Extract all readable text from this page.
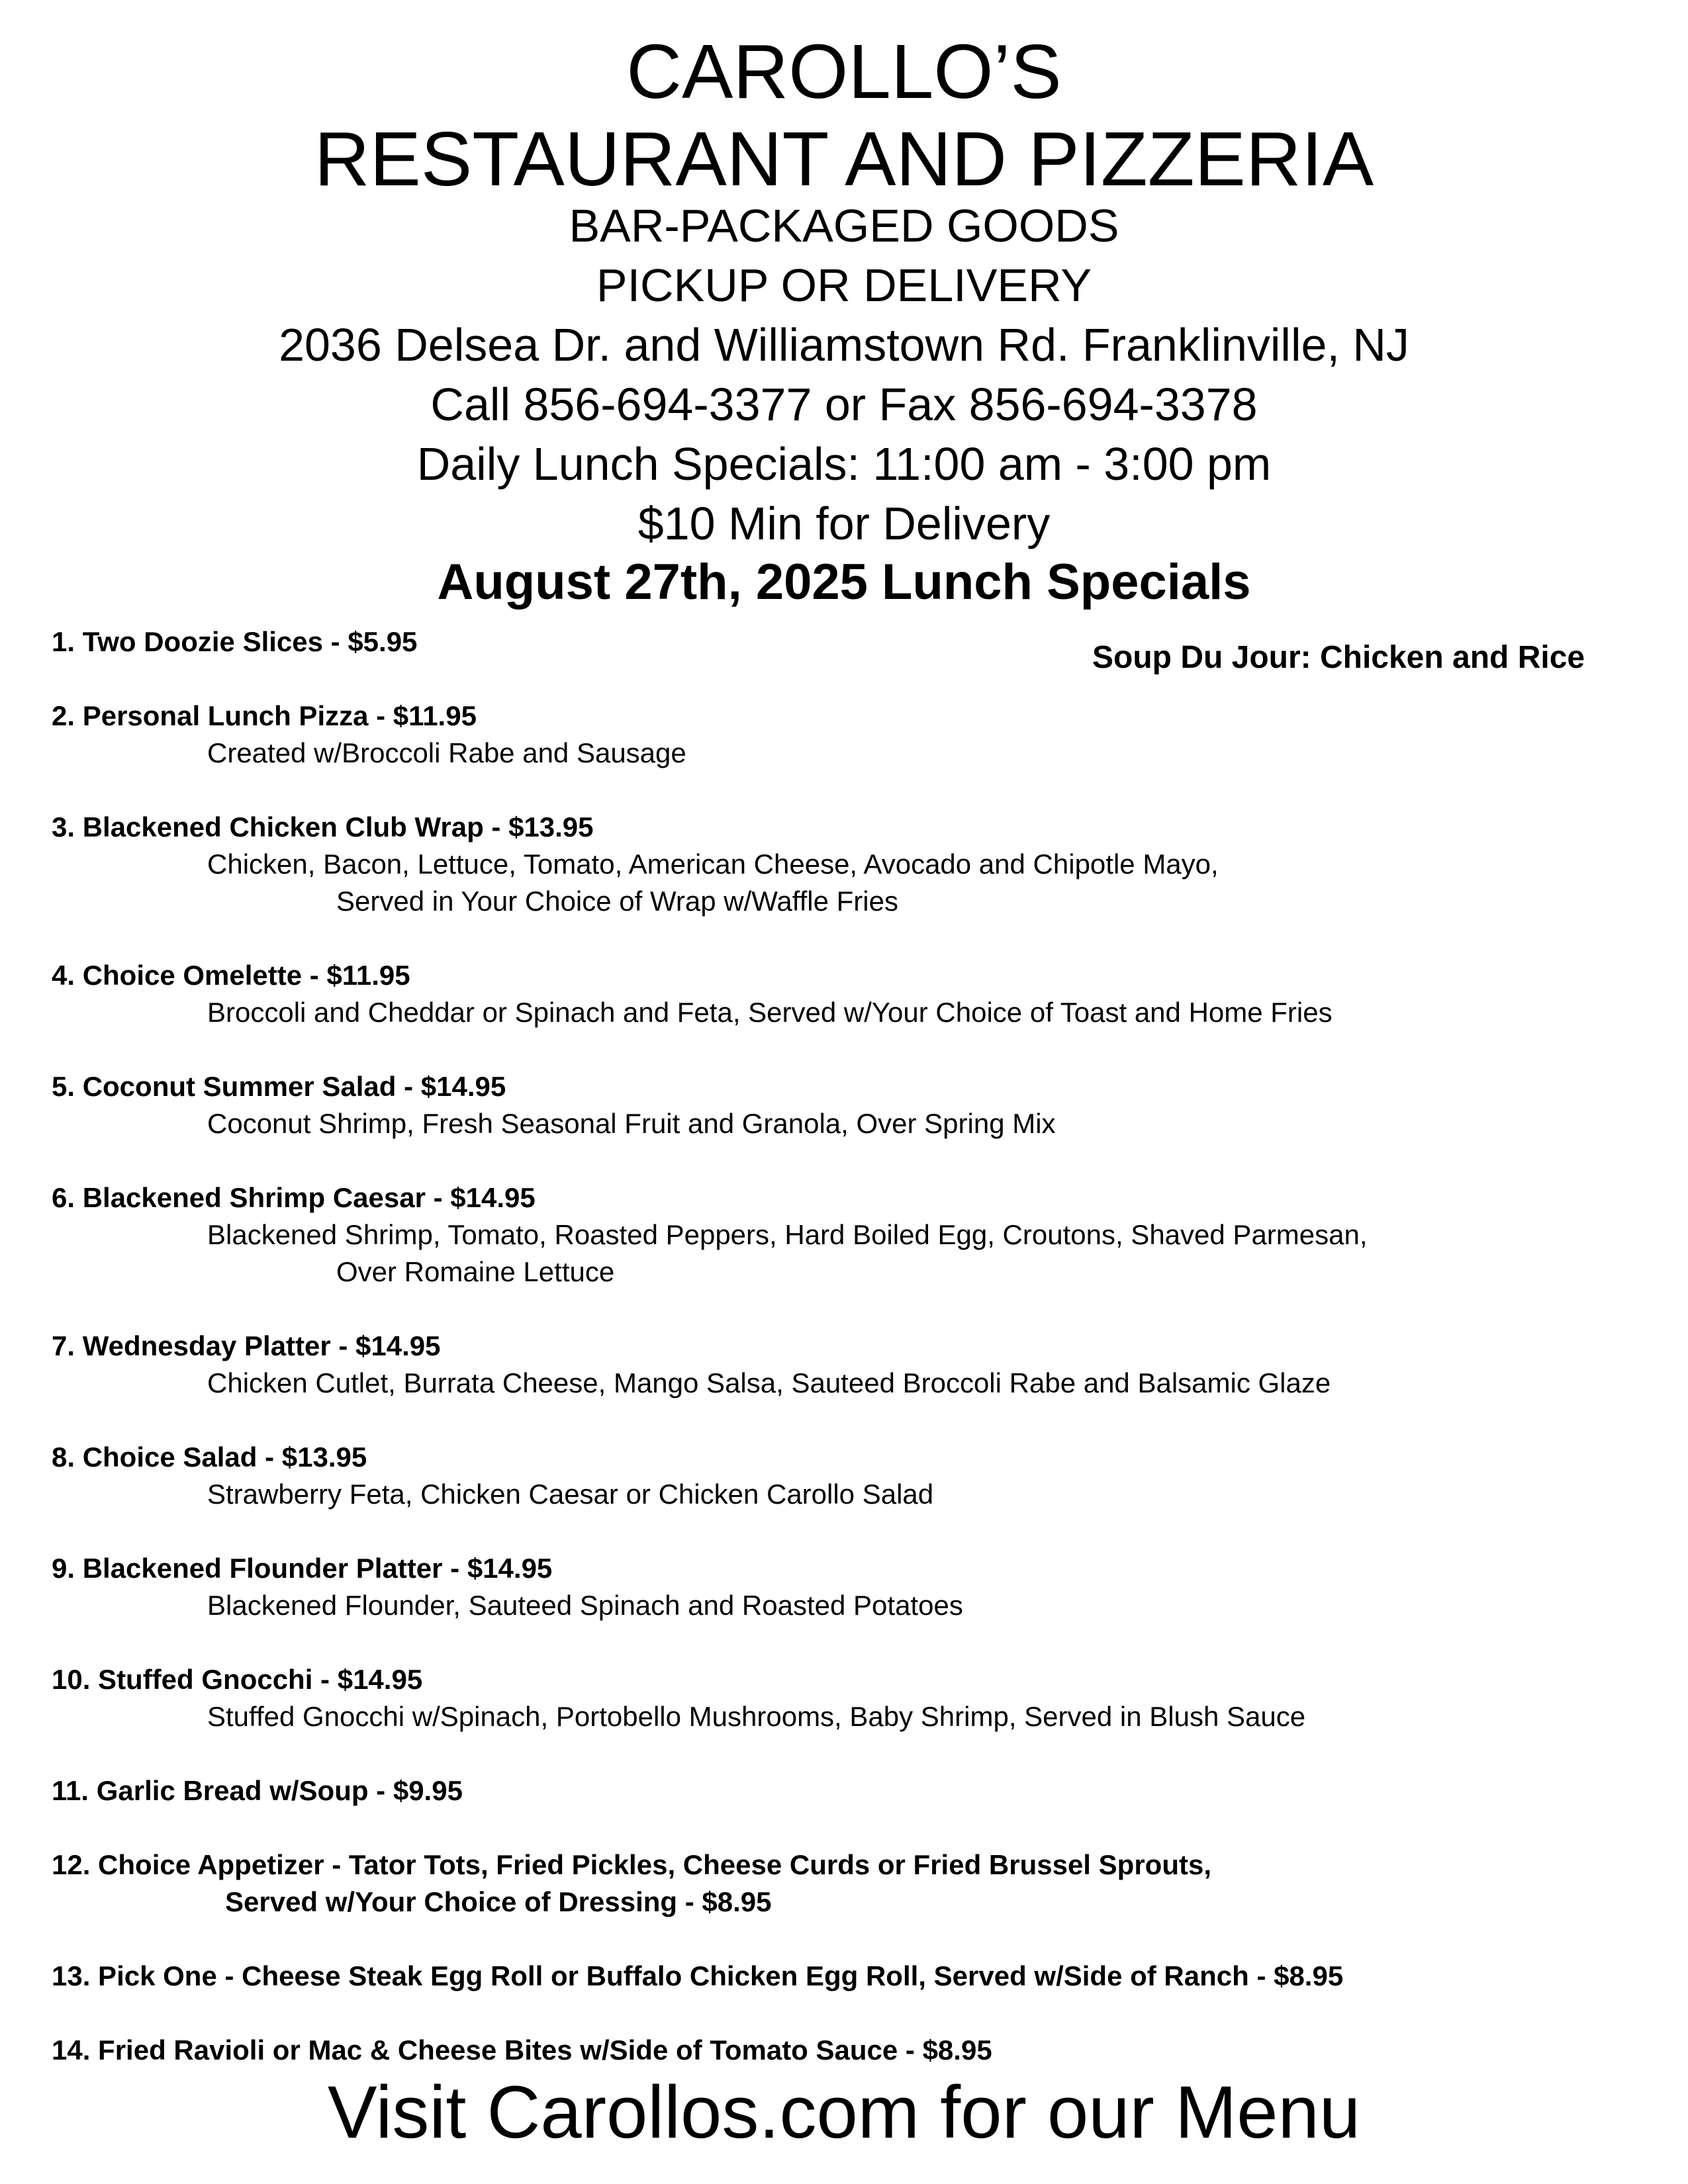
CAROLLO’S
RESTAURANT AND PIZZERIA
BAR-PACKAGED GOODS
PICKUP OR DELIVERY
2036 Delsea Dr. and Williamstown Rd. Franklinville, NJ
Call 856-694-3377 or Fax 856-694-3378
Daily Lunch Specials: 11:00 am - 3:00 pm
$10 Min for Delivery
August 27th, 2025 Lunch Specials
Soup Du Jour: Chicken and Rice
1. Two Doozie Slices - $5.95
2. Personal Lunch Pizza - $11.95
Created w/Broccoli Rabe and Sausage
3. Blackened Chicken Club Wrap - $13.95
Chicken, Bacon, Lettuce, Tomato, American Cheese, Avocado and Chipotle Mayo,
Served in Your Choice of Wrap w/Waffle Fries
4. Choice Omelette - $11.95
Broccoli and Cheddar or Spinach and Feta, Served w/Your Choice of Toast and Home Fries
5. Coconut Summer Salad - $14.95
Coconut Shrimp, Fresh Seasonal Fruit and Granola, Over Spring Mix
6. Blackened Shrimp Caesar - $14.95
Blackened Shrimp, Tomato, Roasted Peppers, Hard Boiled Egg, Croutons, Shaved Parmesan,
Over Romaine Lettuce
7. Wednesday Platter - $14.95
Chicken Cutlet, Burrata Cheese, Mango Salsa, Sauteed Broccoli Rabe and Balsamic Glaze
8. Choice Salad - $13.95
Strawberry Feta, Chicken Caesar or Chicken Carollo Salad
9. Blackened Flounder Platter - $14.95
Blackened Flounder, Sauteed Spinach and Roasted Potatoes
10. Stuffed Gnocchi - $14.95
Stuffed Gnocchi w/Spinach, Portobello Mushrooms, Baby Shrimp, Served in Blush Sauce
11. Garlic Bread w/Soup - $9.95
12. Choice Appetizer - Tator Tots, Fried Pickles, Cheese Curds or Fried Brussel Sprouts,
Served w/Your Choice of Dressing - $8.95
13. Pick One - Cheese Steak Egg Roll or Buffalo Chicken Egg Roll, Served w/Side of Ranch - $8.95
14. Fried Ravioli or Mac & Cheese Bites w/Side of Tomato Sauce - $8.95
Visit Carollos.com for our Menu
